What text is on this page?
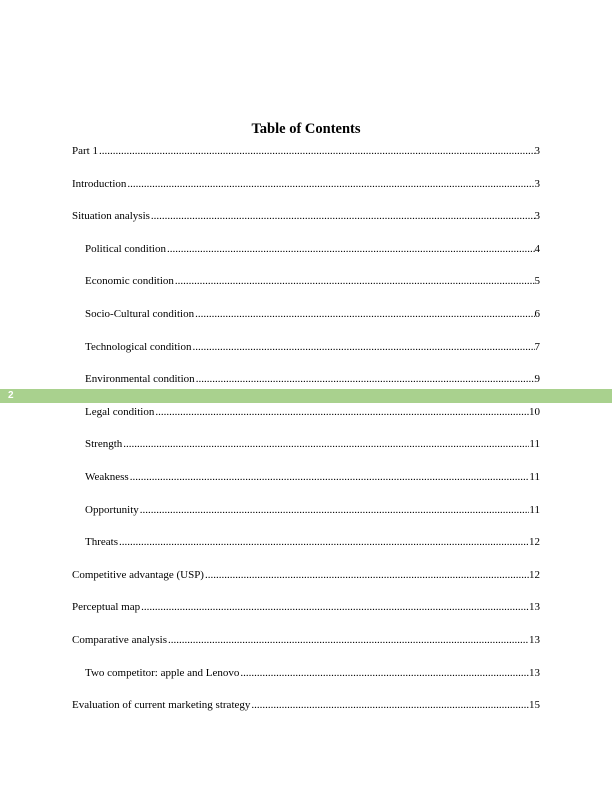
Table of Contents
Part 1 .....	3
Introduction .....	3
Situation analysis .....	3
Political condition .....	4
Economic condition .....	5
Socio-Cultural condition .....	6
Technological condition .....	7
Environmental condition .....	9
Legal condition .....	10
Strength .....	11
Weakness .....	11
Opportunity .....	11
Threats .....	12
Competitive advantage (USP) .....	12
Perceptual map .....	13
Comparative analysis .....	13
Two competitor: apple and Lenovo .....	13
Evaluation of current marketing strategy .....	15
2
